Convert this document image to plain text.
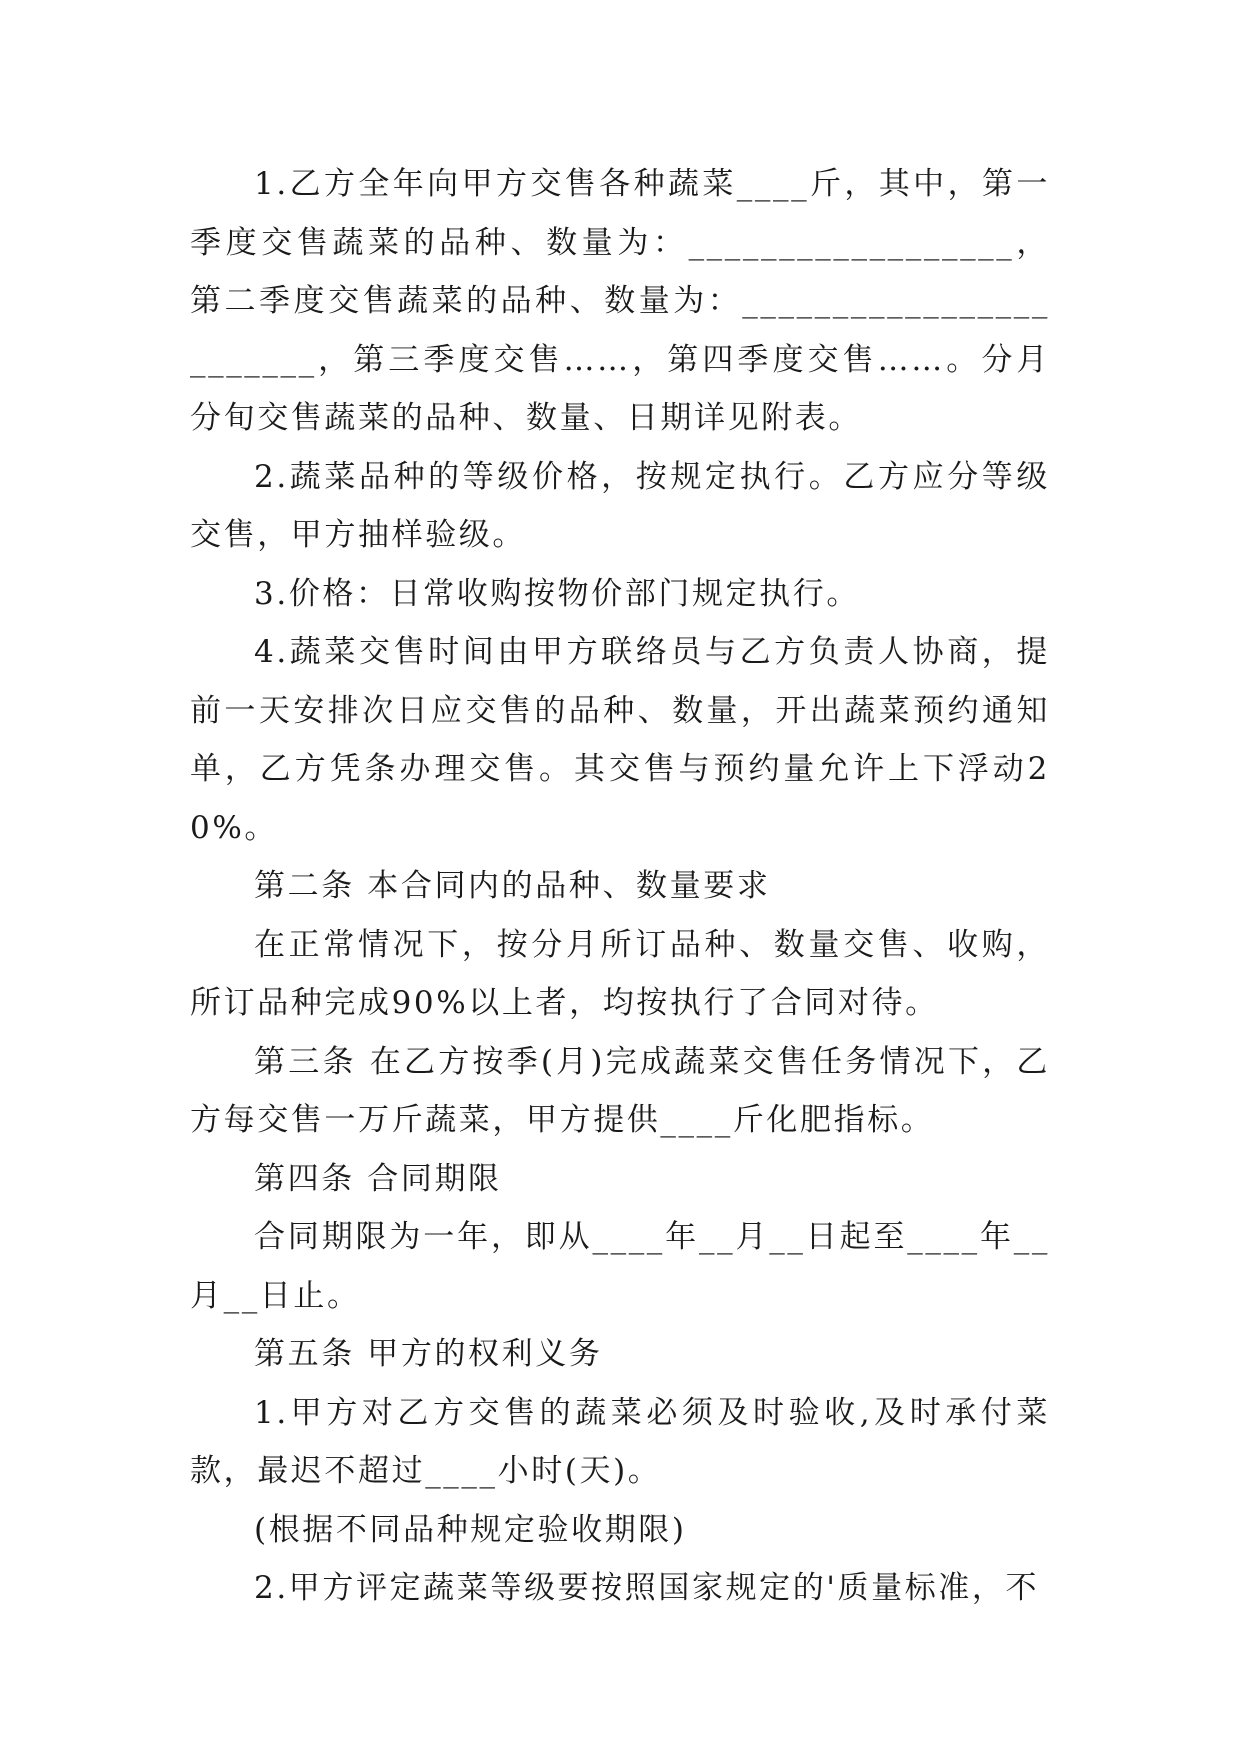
1.乙方全年向甲方交售各种蔬菜____斤，其中，第一季度交售蔬菜的品种、数量为：__________________，第二季度交售蔬菜的品种、数量为：________________________，第三季度交售……，第四季度交售……。分月分旬交售蔬菜的品种、数量、日期详见附表。

2.蔬菜品种的等级价格，按规定执行。乙方应分等级交售，甲方抽样验级。

3.价格：日常收购按物价部门规定执行。

4.蔬菜交售时间由甲方联络员与乙方负责人协商，提前一天安排次日应交售的品种、数量，开出蔬菜预约通知单，乙方凭条办理交售。其交售与预约量允许上下浮动20%。

第二条 本合同内的品种、数量要求

在正常情况下，按分月所订品种、数量交售、收购，所订品种完成90%以上者，均按执行了合同对待。

第三条 在乙方按季(月)完成蔬菜交售任务情况下，乙方每交售一万斤蔬菜，甲方提供____斤化肥指标。

第四条 合同期限

合同期限为一年，即从____年__月__日起至____年__月__日止。

第五条 甲方的权利义务

1.甲方对乙方交售的蔬菜必须及时验收,及时承付菜款，最迟不超过____小时(天)。

(根据不同品种规定验收期限)

2.甲方评定蔬菜等级要按照国家规定的'质量标准，不
